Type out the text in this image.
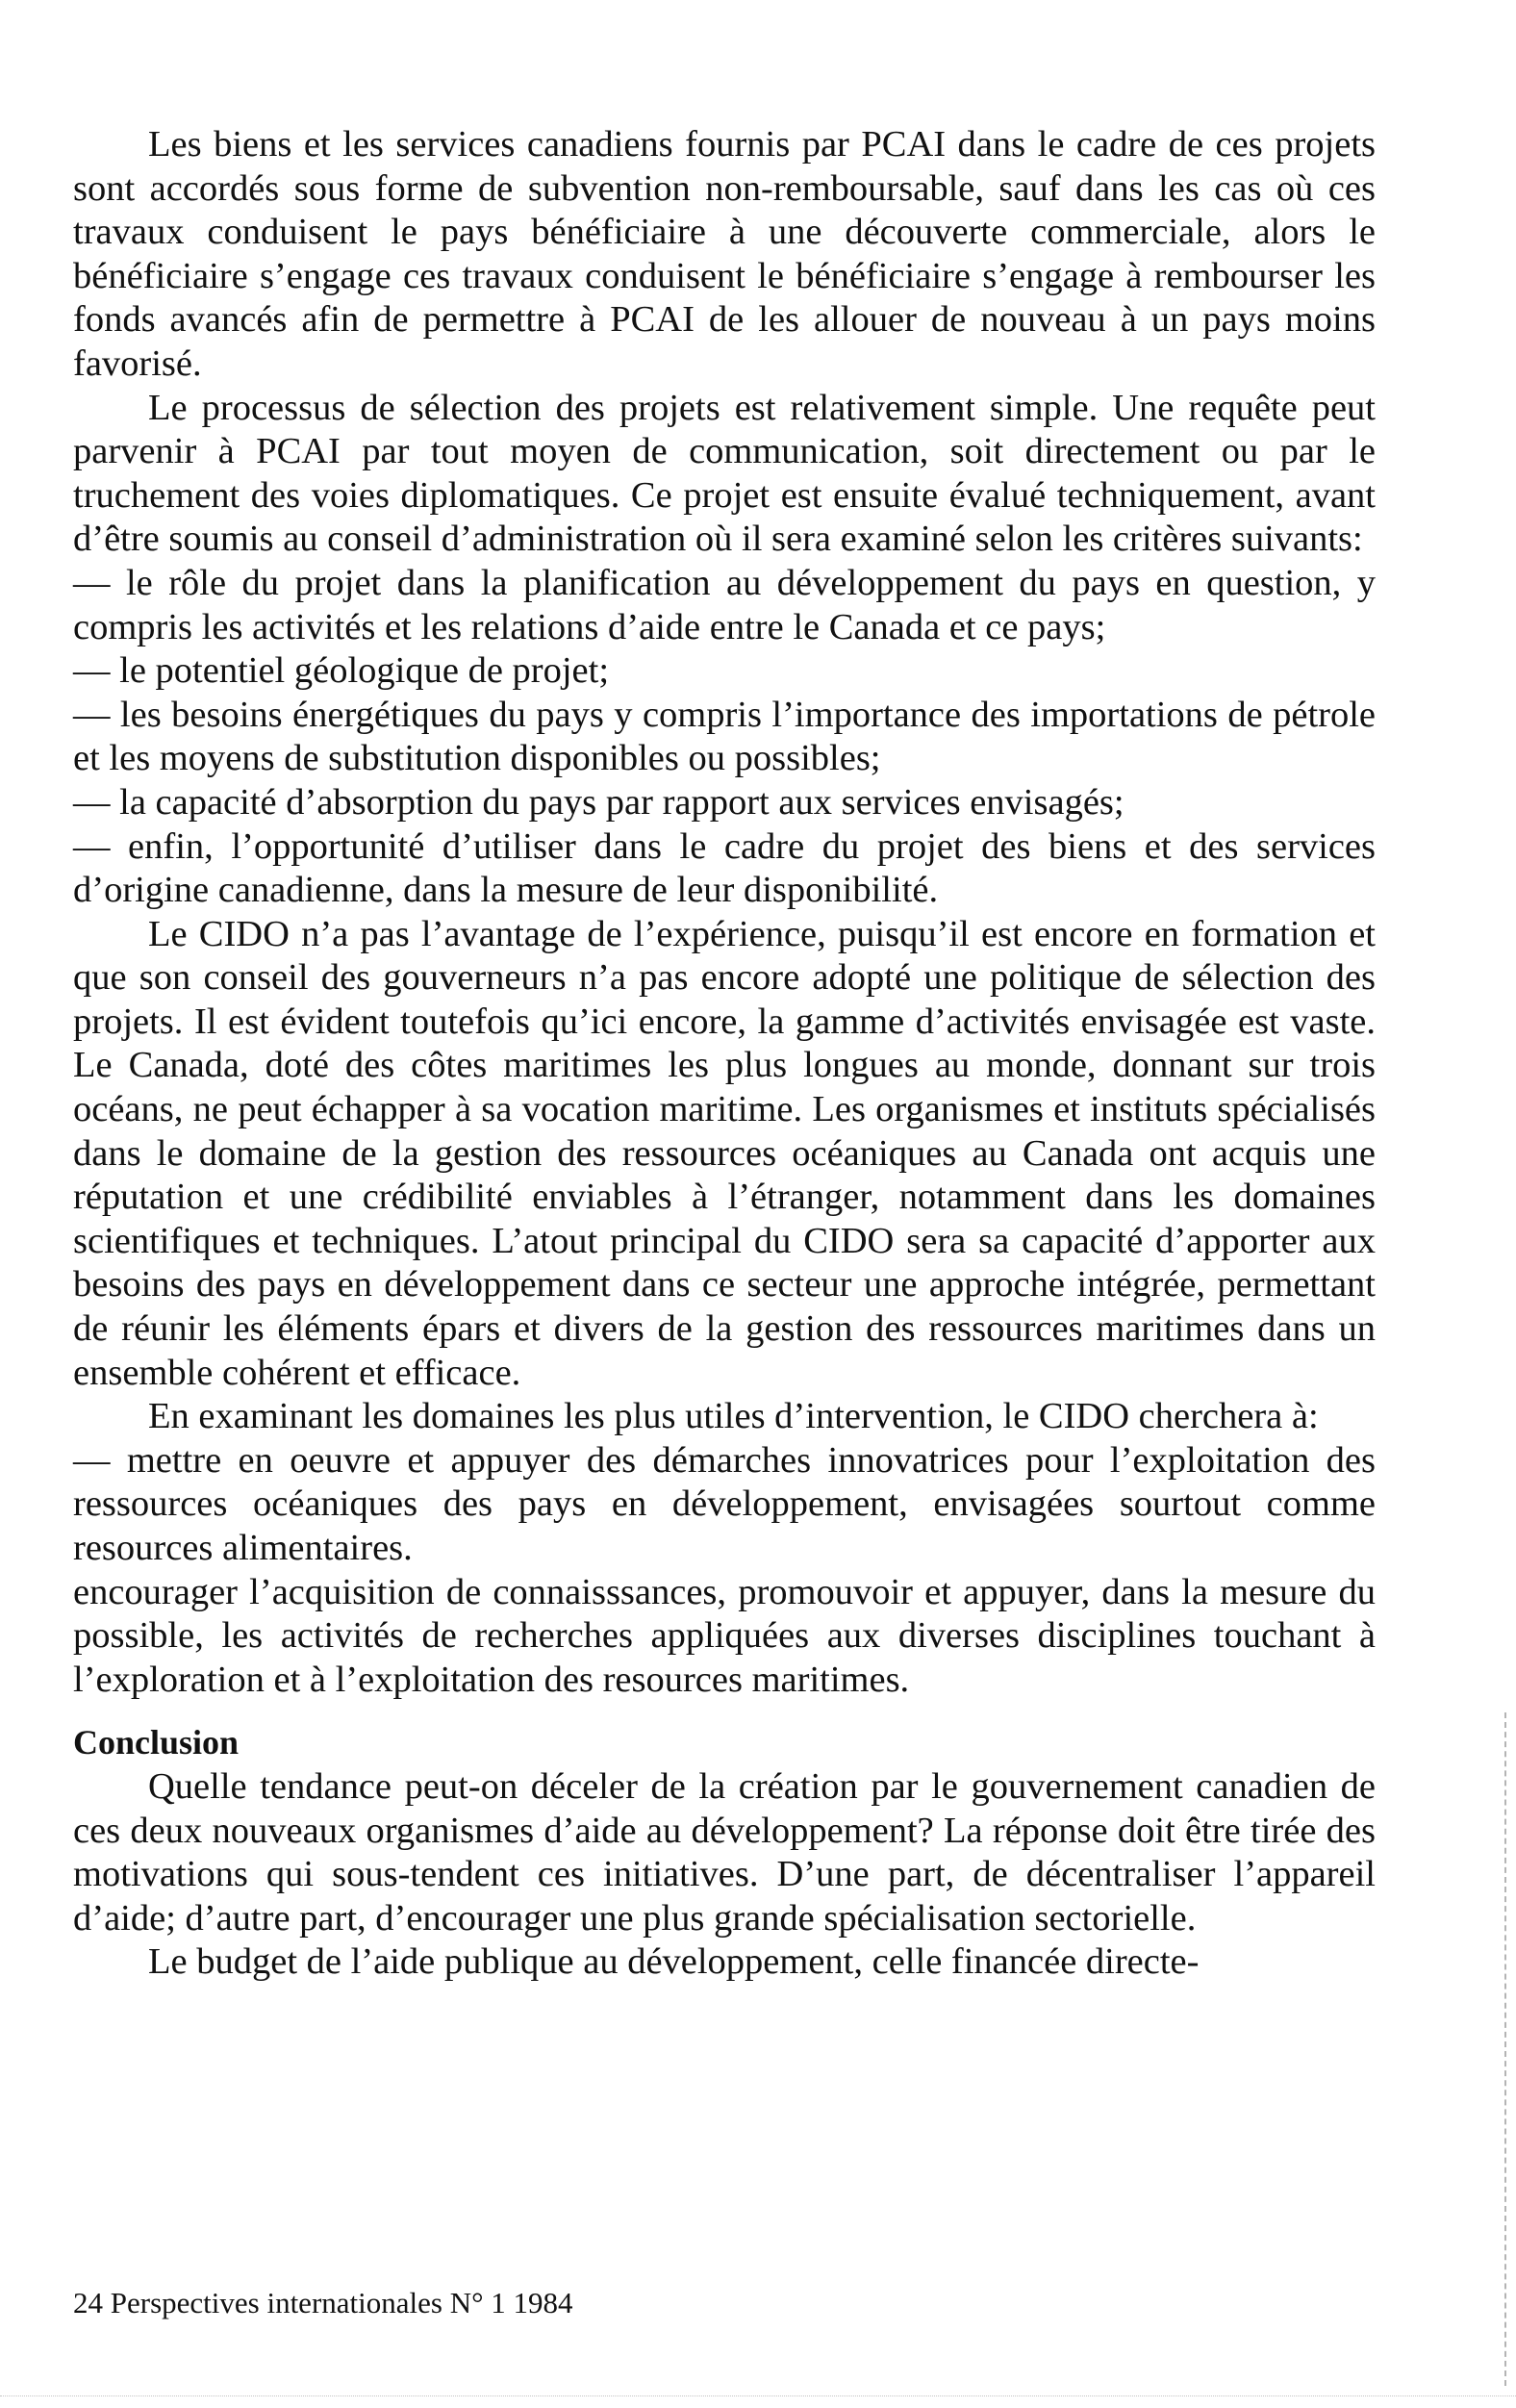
Les biens et les services canadiens fournis par PCAI dans le cadre de ces projets sont accordés sous forme de subvention non-remboursable, sauf dans les cas où ces travaux conduisent le pays bénéficiaire à une découverte commerciale, alors le bénéficiaire s’engage ces travaux conduisent le bénéficiaire s’engage à rembourser les fonds avancés afin de permettre à PCAI de les allouer de nouveau à un pays moins favorisé.

Le processus de sélection des projets est relativement simple. Une requête peut parvenir à PCAI par tout moyen de communication, soit directement ou par le truchement des voies diplomatiques. Ce projet est ensuite évalué techniquement, avant d’être soumis au conseil d’administration où il sera examiné selon les critères suivants:

— le rôle du projet dans la planification au développement du pays en question, y compris les activités et les relations d’aide entre le Canada et ce pays;

— le potentiel géologique de projet;

— les besoins énergétiques du pays y compris l’importance des importations de pétrole et les moyens de substitution disponibles ou possibles;

— la capacité d’absorption du pays par rapport aux services envisagés;

— enfin, l’opportunité d’utiliser dans le cadre du projet des biens et des services d’origine canadienne, dans la mesure de leur disponibilité.

Le CIDO n’a pas l’avantage de l’expérience, puisqu’il est encore en formation et que son conseil des gouverneurs n’a pas encore adopté une politique de sélection des projets. Il est évident toutefois qu’ici encore, la gamme d’activités envisagée est vaste. Le Canada, doté des côtes maritimes les plus longues au monde, donnant sur trois océans, ne peut échapper à sa vocation maritime. Les organismes et instituts spécialisés dans le domaine de la gestion des ressources océaniques au Canada ont acquis une réputation et une crédibilité enviables à l’étranger, notamment dans les domaines scientifiques et techniques. L’atout principal du CIDO sera sa capacité d’apporter aux besoins des pays en développement dans ce secteur une approche intégrée, permettant de réunir les éléments épars et divers de la gestion des ressources maritimes dans un ensemble cohérent et efficace.

En examinant les domaines les plus utiles d’intervention, le CIDO cherchera à:

— mettre en oeuvre et appuyer des démarches innovatrices pour l’exploitation des ressources océaniques des pays en développement, envisagées sourtout comme resources alimentaires.

encourager l’acquisition de connaisssances, promouvoir et appuyer, dans la mesure du possible, les activités de recherches appliquées aux diverses disciplines touchant à l’exploration et à l’exploitation des resources maritimes.

Conclusion

Quelle tendance peut-on déceler de la création par le gouvernement canadien de ces deux nouveaux organismes d’aide au développement? La réponse doit être tirée des motivations qui sous-tendent ces initiatives. D’une part, de décentraliser l’appareil d’aide; d’autre part, d’encourager une plus grande spécialisation sectorielle.

Le budget de l’aide publique au développement, celle financée directe-

24 Perspectives internationales N° 1 1984
